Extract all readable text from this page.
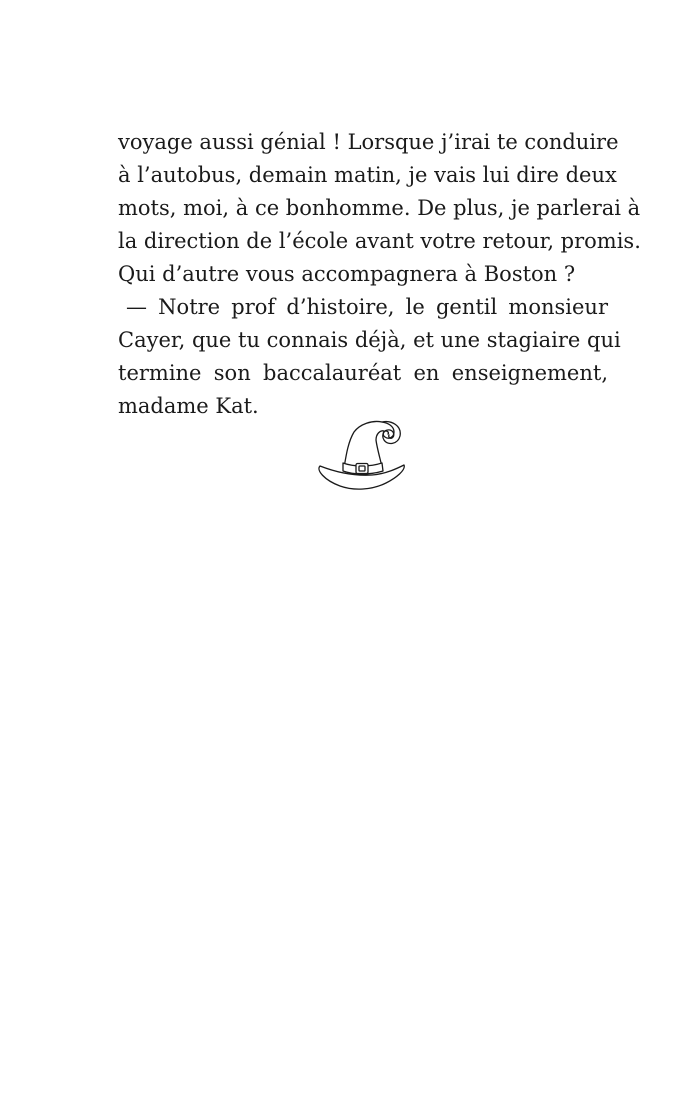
voyage aussi génial ! Lorsque j’irai te conduire
à l’autobus, demain matin, je vais lui dire deux
mots, moi, à ce bonhomme. De plus, je parlerai à
la direction de l’école avant votre retour, promis.
Qui d’autre vous accompagnera à Boston ?
— Notre prof d’histoire, le gentil monsieur
Cayer, que tu connais déjà, et une stagiaire qui
termine son baccalauréat en enseignement,
madame Kat.
